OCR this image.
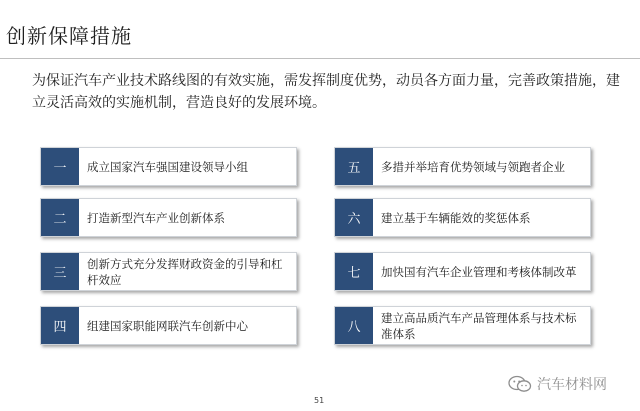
创新保障措施
为保证汽车产业技术路线图的有效实施，需发挥制度优势，动员各方面力量，完善政策措施，建立灵活高效的实施机制，营造良好的发展环境。
一	成立国家汽车强国建设领导小组
二	打造新型汽车产业创新体系
三
创新方式充分发挥财政资金的引导和杠杆效应
四	组建国家职能网联汽车创新中心
五	多措并举培育优势领域与领跑者企业
六	建立基于车辆能效的奖惩体系
七	加快国有汽车企业管理和考核体制改革
八
建立高品质汽车产品管理体系与技术标准体系
51
汽车材料网
